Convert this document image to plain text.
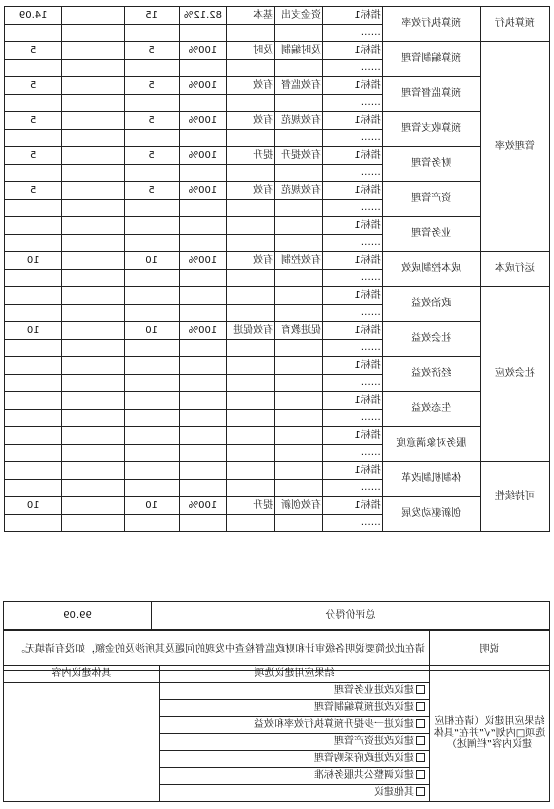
预算执行	预算执行效率	指标1	资金支出	基本	82.12%	15		14.09
		……						
管理效率	预算编制管理	指标1	及时编制	及时	100%	5		5
		……						
	预算监督管理	指标1	有效监督	有效	100%	5		5
		……						
	预算收支管理	指标1	有效规范	有效	100%	5		5
		……						
	财务管理	指标1	有效提升	提升	100%	5		5
		……						
	资产管理	指标1	有效规范	有效	100%	5		5
		……						
	业务管理	指标1						
		……						
运行成本	成本控制成效	指标1	有效控制	有效	100%	10		10
		……						
社会效应	政治效益	指标1						
		……						
	社会效益	指标1	促进教育	有效促进	100%	10		10
		……						
	经济效益	指标1						
		……						
	生态效益	指标1						
		……						
	服务对象满意度	指标1						
		……						
可持续性	体制机制改革	指标1						
		……						
	创新驱动发展	指标1	有效创新	提升	100%	10		10
		……						
总评价得分	99.09
说明	请在此处简要说明各级审计和财政监督检查中发现的问题及其所涉及的金额，如没有请填无。
结果应用建议（请在相应选项□内划“√”并在“具体建议内容”栏阐述）	结果应用建议选项	具体建议内容
	建议改进业务管理	
	建议改进预算编制管理	
	建议进一步提升预算执行效率和效益	
	建议改进资产管理	
	建议改进政府采购管理	
	建议调整公共服务标准	
	其他建议	
